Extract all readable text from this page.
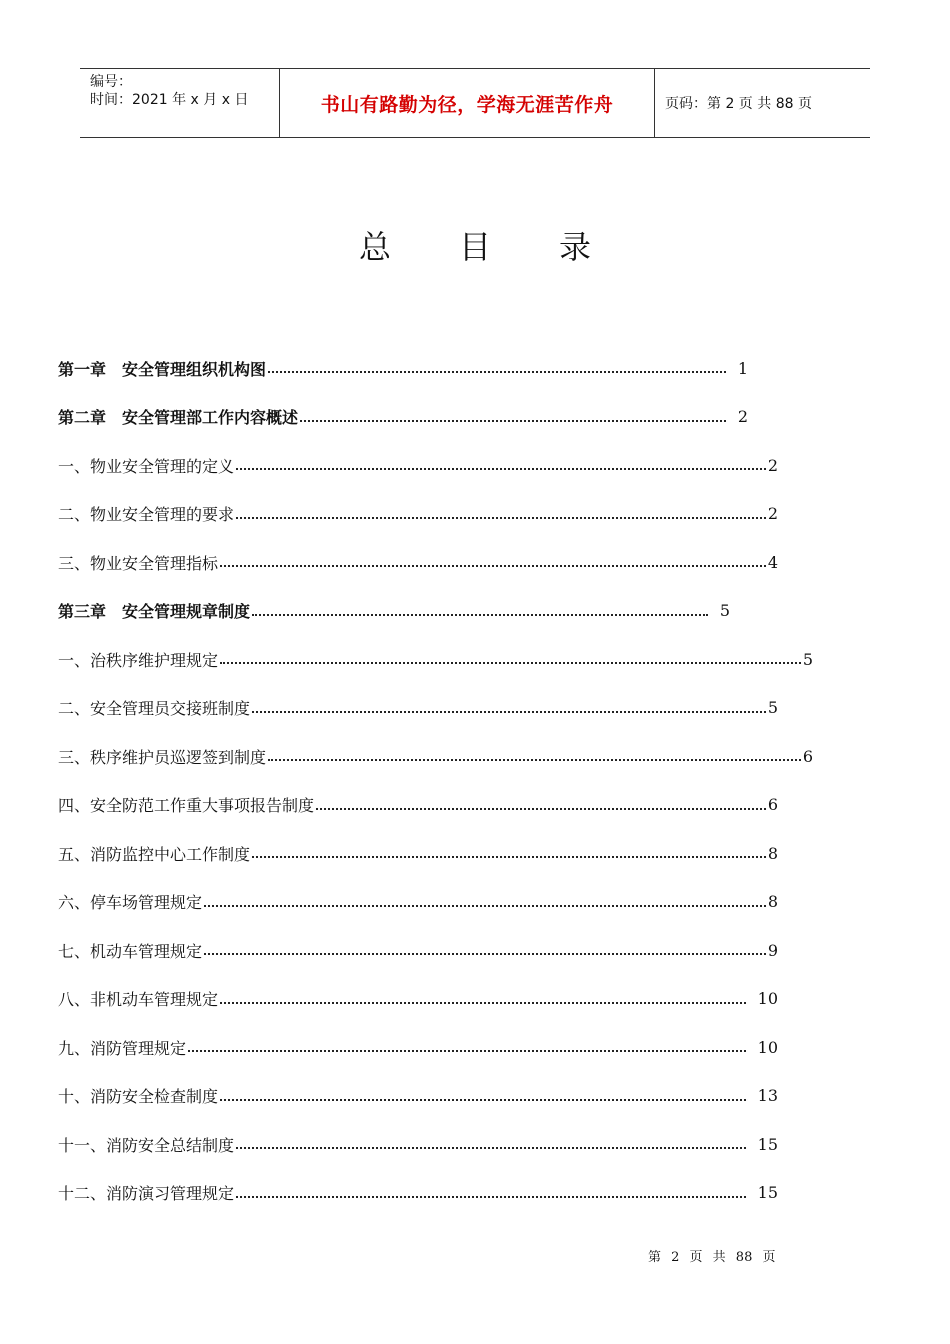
编号：
时间：2021 年 x 月 x 日	书山有路勤为径，学海无涯苦作舟	页码：第 2 页 共 88 页
总目录
第一章　安全管理组织机构图	1
第二章　安全管理部工作内容概述	2
一、物业安全管理的定义	2
二、物业安全管理的要求	2
三、物业安全管理指标	4
第三章　安全管理规章制度	5
一、治秩序维护理规定	5
二、安全管理员交接班制度	5
三、秩序维护员巡逻签到制度	6
四、安全防范工作重大事项报告制度	6
五、消防监控中心工作制度	8
六、停车场管理规定	8
七、机动车管理规定	9
八、非机动车管理规定	10
九、消防管理规定	10
十、消防安全检查制度	13
十一、消防安全总结制度	15
十二、消防演习管理规定	15
第 2 页 共 88 页
